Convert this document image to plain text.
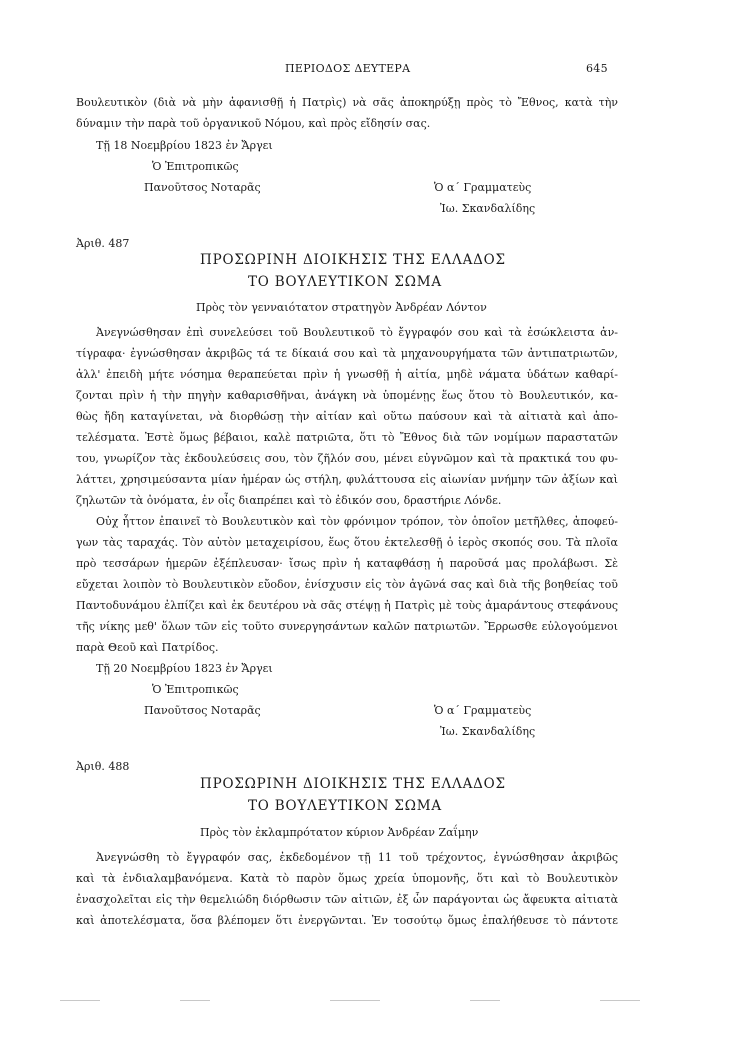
ΠΕΡΙΟΔΟΣ ΔΕΥΤΕΡΑ	645
Βουλευτικὸν (διὰ νὰ μὴν ἀφανισθῇ ἡ Πατρὶς) νὰ σᾶς ἀποκηρύξῃ πρὸς τὸ Ἔθνος, κατὰ τὴν
δύναμιν τὴν παρὰ τοῦ ὀργανικοῦ Νόμου, καὶ πρὸς εἴδησίν σας.
Τῇ 18 Νοεμβρίου 1823 ἐν Ἄργει
Ὁ Ἐπιτροπικῶς
Πανοῦτσος Νοταρᾶς	Ὁ α΄ Γραμματεὺς
Ἰω. Σκανδαλίδης
Ἀριθ. 487
ΠΡΟΣΩΡΙΝΗ ΔΙΟΙΚΗΣΙΣ ΤΗΣ ΕΛΛΑΔΟΣ
ΤΟ ΒΟΥΛΕΥΤΙΚΟΝ ΣΩΜΑ
Πρὸς τὸν γενναιότατον στρατηγὸν Ἀνδρέαν Λόντον
Ἀνεγνώσθησαν ἐπὶ συνελεύσει τοῦ Βουλευτικοῦ τὸ ἔγγραφόν σου καὶ τὰ ἐσώκλειστα ἀν-
τίγραφα· ἐγνώσθησαν ἀκριβῶς τά τε δίκαιά σου καὶ τὰ μηχανουργήματα τῶν ἀντιπατριωτῶν,
ἀλλ' ἐπειδὴ μήτε νόσημα θεραπεύεται πρὶν ἡ γνωσθῇ ἡ αἰτία, μηδὲ νάματα ὑδάτων καθαρί-
ζονται πρὶν ἡ τὴν πηγὴν καθαρισθῆναι, ἀνάγκη νὰ ὑπομένῃς ἕως ὅτου τὸ Βουλευτικόν, κα-
θὼς ἤδη καταγίνεται, νὰ διορθώσῃ τὴν αἰτίαν καὶ οὕτω παύσουν καὶ τὰ αἰτιατὰ καὶ ἀπο-
τελέσματα. Ἐστὲ ὅμως βέβαιοι, καλὲ πατριῶτα, ὅτι τὸ Ἔθνος διὰ τῶν νομίμων παραστατῶν
του, γνωρίζον τὰς ἐκδουλεύσεις σου, τὸν ζῆλόν σου, μένει εὐγνῶμον καὶ τὰ πρακτικά του φυ-
λάττει, χρησιμεύσαντα μίαν ἡμέραν ὡς στήλη, φυλάττουσα εἰς αἰωνίαν μνήμην τῶν ἀξίων καὶ
ζηλωτῶν τὰ ὀνόματα, ἐν οἷς διαπρέπει καὶ τὸ ἐδικόν σου, δραστήριε Λόνδε.
Οὐχ ἧττον ἐπαινεῖ τὸ Βουλευτικὸν καὶ τὸν φρόνιμον τρόπον, τὸν ὁποῖον μετῆλθες, ἀποφεύ-
γων τὰς ταραχάς. Τὸν αὐτὸν μεταχειρίσου, ἕως ὅτου ἐκτελεσθῇ ὁ ἱερὸς σκοπός σου. Τὰ πλοῖα
πρὸ τεσσάρων ἡμερῶν ἐξέπλευσαν· ἴσως πρὶν ἡ καταφθάσῃ ἡ παροῦσά μας προλάβωσι. Σὲ
εὔχεται λοιπὸν τὸ Βουλευτικὸν εὔοδον, ἐνίσχυσιν εἰς τὸν ἀγῶνά σας καὶ διὰ τῆς βοηθείας τοῦ
Παντοδυνάμου ἐλπίζει καὶ ἐκ δευτέρου νὰ σᾶς στέψῃ ἡ Πατρὶς μὲ τοὺς ἀμαράντους στεφάνους
τῆς νίκης μεθ' ὅλων τῶν εἰς τοῦτο συνεργησάντων καλῶν πατριωτῶν. Ἔρρωσθε εὐλογούμενοι
παρὰ Θεοῦ καὶ Πατρίδος.
Τῇ 20 Νοεμβρίου 1823 ἐν Ἄργει
Ὁ Ἐπιτροπικῶς
Πανοῦτσος Νοταρᾶς	Ὁ α΄ Γραμματεὺς
Ἰω. Σκανδαλίδης
Ἀριθ. 488
ΠΡΟΣΩΡΙΝΗ ΔΙΟΙΚΗΣΙΣ ΤΗΣ ΕΛΛΑΔΟΣ
ΤΟ ΒΟΥΛΕΥΤΙΚΟΝ ΣΩΜΑ
Πρὸς τὸν ἐκλαμπρότατον κύριον Ἀνδρέαν Ζαΐμην
Ἀνεγνώσθη τὸ ἔγγραφόν σας, ἐκδεδομένον τῇ 11 τοῦ τρέχοντος, ἐγνώσθησαν ἀκριβῶς
καὶ τὰ ἐνδιαλαμβανόμενα. Κατὰ τὸ παρὸν ὅμως χρεία ὑπομονῆς, ὅτι καὶ τὸ Βουλευτικὸν
ἐνασχολεῖται εἰς τὴν θεμελιώδη διόρθωσιν τῶν αἰτιῶν, ἐξ ὧν παράγονται ὡς ἄφευκτα αἰτιατὰ
καὶ ἀποτελέσματα, ὅσα βλέπομεν ὅτι ἐνεργῶνται. Ἐν τοσούτῳ ὅμως ἐπαλήθευσε τὸ πάντοτε
